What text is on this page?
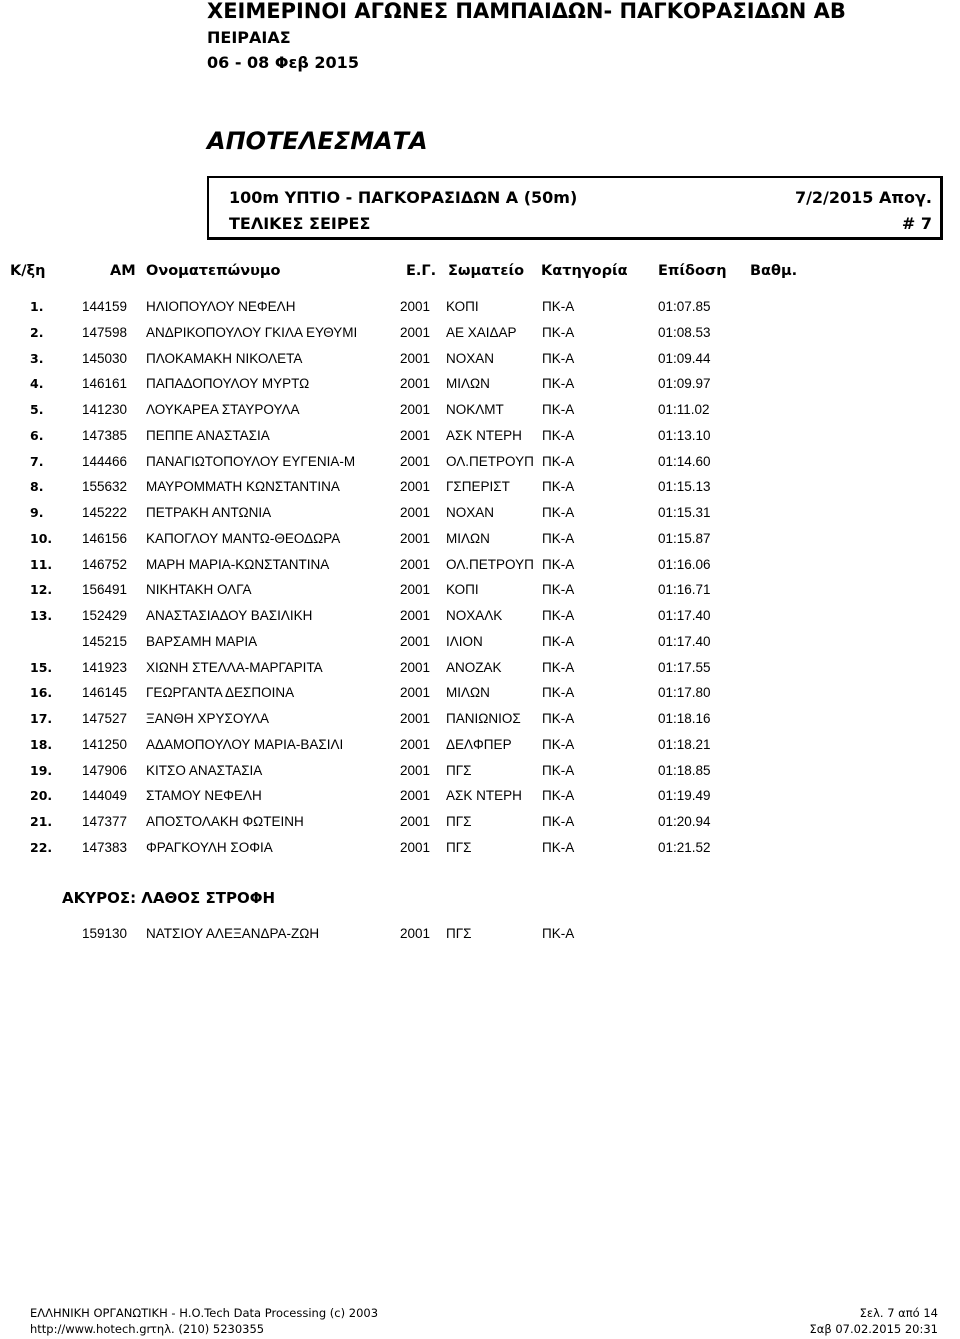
ΧΕΙΜΕΡΙΝΟΙ ΑΓΩΝΕΣ ΠΑΜΠΑΙΔΩΝ- ΠΑΓΚΟΡΑΣΙΔΩΝ ΑΒ
ΠΕΙΡΑΙΑΣ
06 - 08 Φεβ 2015
ΑΠΟΤΕΛΕΣΜΑΤΑ
100m ΥΠΤΙΟ - ΠΑΓΚΟΡΑΣΙΔΩΝ Α (50m)	7/2/2015 Απογ.
ΤΕΛΙΚΕΣ ΣΕΙΡΕΣ	# 7
Κ/ξη	ΑΜ Ονοματεπώνυμο	Ε.Γ. Σωματείο Κατηγορία Επίδοση Βαθμ.
1.	144159 ΗΛΙΟΠΟΥΛΟΥ ΝΕΦΕΛΗ	2001 ΚΟΠΙ	ΠΚ-Α	01:07.85
2.	147598 ΑΝΔΡΙΚΟΠΟΥΛΟΥ ΓΚΙΛΑ ΕΥΘΥΜΙ	2001 ΑΕ ΧΑΙΔΑΡ ΠΚ-Α	01:08.53
3.	145030 ΠΛΟΚΑΜΑΚΗ ΝΙΚΟΛΕΤΑ	2001 ΝΟΧΑΝ	ΠΚ-Α	01:09.44
4.	146161 ΠΑΠΑΔΟΠΟΥΛΟΥ ΜΥΡΤΩ	2001 ΜΙΛΩΝ	ΠΚ-Α	01:09.97
5.	141230 ΛΟΥΚΑΡΕΑ ΣΤΑΥΡΟΥΛΑ	2001 ΝΟΚΛΜΤ	ΠΚ-Α	01:11.02
6.	147385 ΠΕΠΠΕ ΑΝΑΣΤΑΣΙΑ	2001 ΑΣΚ ΝΤΕΡΗ ΠΚ-Α	01:13.10
7.	144466 ΠΑΝΑΓΙΩΤΟΠΟΥΛΟΥ ΕΥΓΕΝΙΑ-Μ	2001 ΟΛ.ΠΕΤΡΟΥΠ ΠΚ-Α	01:14.60
8.	155632 ΜΑΥΡΟΜΜΑΤΗ ΚΩΝΣΤΑΝΤΙΝΑ	2001 ΓΣΠΕΡΙΣΤ ΠΚ-Α	01:15.13
9.	145222 ΠΕΤΡΑΚΗ ΑΝΤΩΝΙΑ	2001 ΝΟΧΑΝ	ΠΚ-Α	01:15.31
10. 146156 ΚΑΠΟΓΛΟΥ ΜΑΝΤΩ-ΘΕΟΔΩΡΑ	2001 ΜΙΛΩΝ	ΠΚ-Α	01:15.87
11. 146752 ΜΑΡΗ ΜΑΡΙΑ-ΚΩΝΣΤΑΝΤΙΝΑ	2001 ΟΛ.ΠΕΤΡΟΥΠ ΠΚ-Α	01:16.06
12. 156491 ΝΙΚΗΤΑΚΗ ΟΛΓΑ	2001 ΚΟΠΙ	ΠΚ-Α	01:16.71
13. 152429 ΑΝΑΣΤΑΣΙΑΔΟΥ ΒΑΣΙΛΙΚΗ	2001 ΝΟΧΑΛΚ	ΠΚ-Α	01:17.40
145215 ΒΑΡΣΑΜΗ ΜΑΡΙΑ	2001 ΙΛΙΟΝ	ΠΚ-Α	01:17.40
15. 141923 ΧΙΩΝΗ ΣΤΕΛΛΑ-ΜΑΡΓΑΡΙΤΑ	2001 ΑΝΟΖΑΚ	ΠΚ-Α	01:17.55
16. 146145 ΓΕΩΡΓΑΝΤΑ ΔΕΣΠΟΙΝΑ	2001 ΜΙΛΩΝ	ΠΚ-Α	01:17.80
17. 147527 ΞΑΝΘΗ ΧΡΥΣΟΥΛΑ	2001 ΠΑΝΙΩΝΙΟΣ ΠΚ-Α	01:18.16
18. 141250 ΑΔΑΜΟΠΟΥΛΟΥ ΜΑΡΙΑ-ΒΑΣΙΛΙ	2001 ΔΕΛΦΠΕΡ ΠΚ-Α	01:18.21
19. 147906 ΚΙΤΣΟ ΑΝΑΣΤΑΣΙΑ	2001 ΠΓΣ	ΠΚ-Α	01:18.85
20. 144049 ΣΤΑΜΟΥ ΝΕΦΕΛΗ	2001 ΑΣΚ ΝΤΕΡΗ ΠΚ-Α	01:19.49
21. 147377 ΑΠΟΣΤΟΛΑΚΗ ΦΩΤΕΙΝΗ	2001 ΠΓΣ	ΠΚ-Α	01:20.94
22. 147383 ΦΡΑΓΚΟΥΛΗ ΣΟΦΙΑ	2001 ΠΓΣ	ΠΚ-Α	01:21.52
ΑΚΥΡΟΣ: ΛΑΘΟΣ ΣΤΡΟΦΗ
159130 ΝΑΤΣΙΟΥ ΑΛΕΞΑΝΔΡΑ-ΖΩΗ	2001 ΠΓΣ	ΠΚ-Α
ΕΛΛΗΝΙΚΗ ΟΡΓΑΝΩΤΙΚΗ - Η.Ο.Tech Data Processing (c) 2003
http://www.hotech.gr
τηλ. (210) 5230355
Σελ. 7 από 14
Σαβ 07.02.2015 20:31
